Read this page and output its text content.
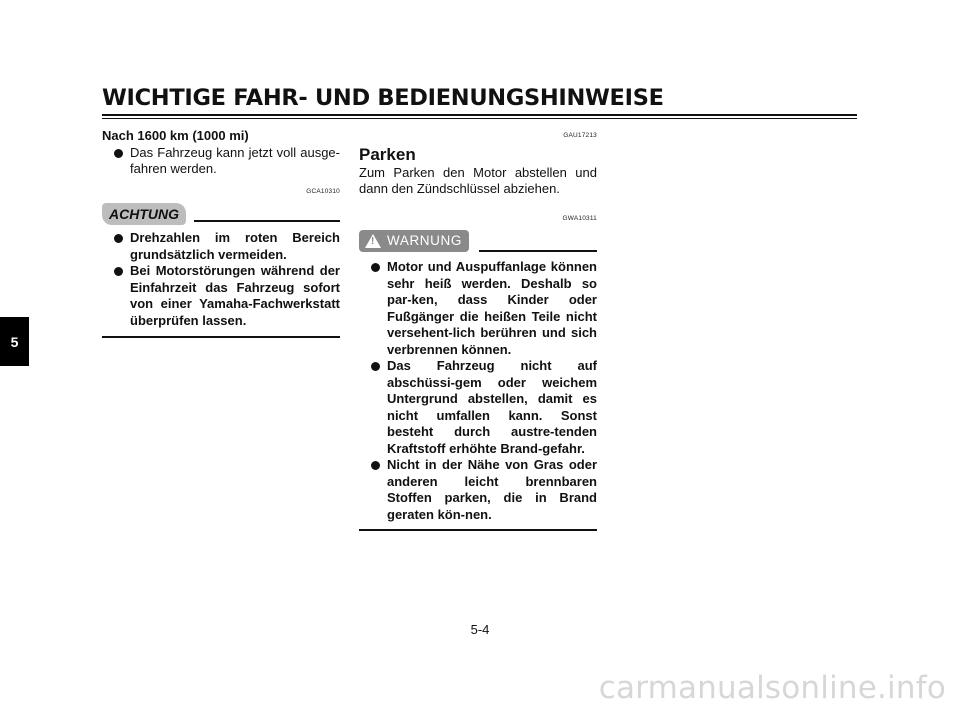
WICHTIGE FAHR- UND BEDIENUNGSHINWEISE
5

Nach 1600 km (1000 mi)

Das Fahrzeug kann jetzt voll ausge-fahren werden.
GCA10310
ACHTUNG
Drehzahlen im roten Bereich grundsätzlich vermeiden.
Bei Motorstörungen während der Einfahrzeit das Fahrzeug sofort von einer Yamaha-Fachwerkstatt überprüfen lassen.
GAU17213

Parken

Zum Parken den Motor abstellen und dann den Zündschlüssel abziehen.

GWA10311
! WARNUNG
Motor und Auspuffanlage können sehr heiß werden. Deshalb so par-ken, dass Kinder oder Fußgänger die heißen Teile nicht versehent-lich berühren und sich verbrennen können.
Das Fahrzeug nicht auf abschüssi-gem oder weichem Untergrund abstellen, damit es nicht umfallen kann. Sonst besteht durch austre-tenden Kraftstoff erhöhte Brand-gefahr.
Nicht in der Nähe von Gras oder anderen leicht brennbaren Stoffen parken, die in Brand geraten kön-nen.
5-4
carmanualsonline.info
